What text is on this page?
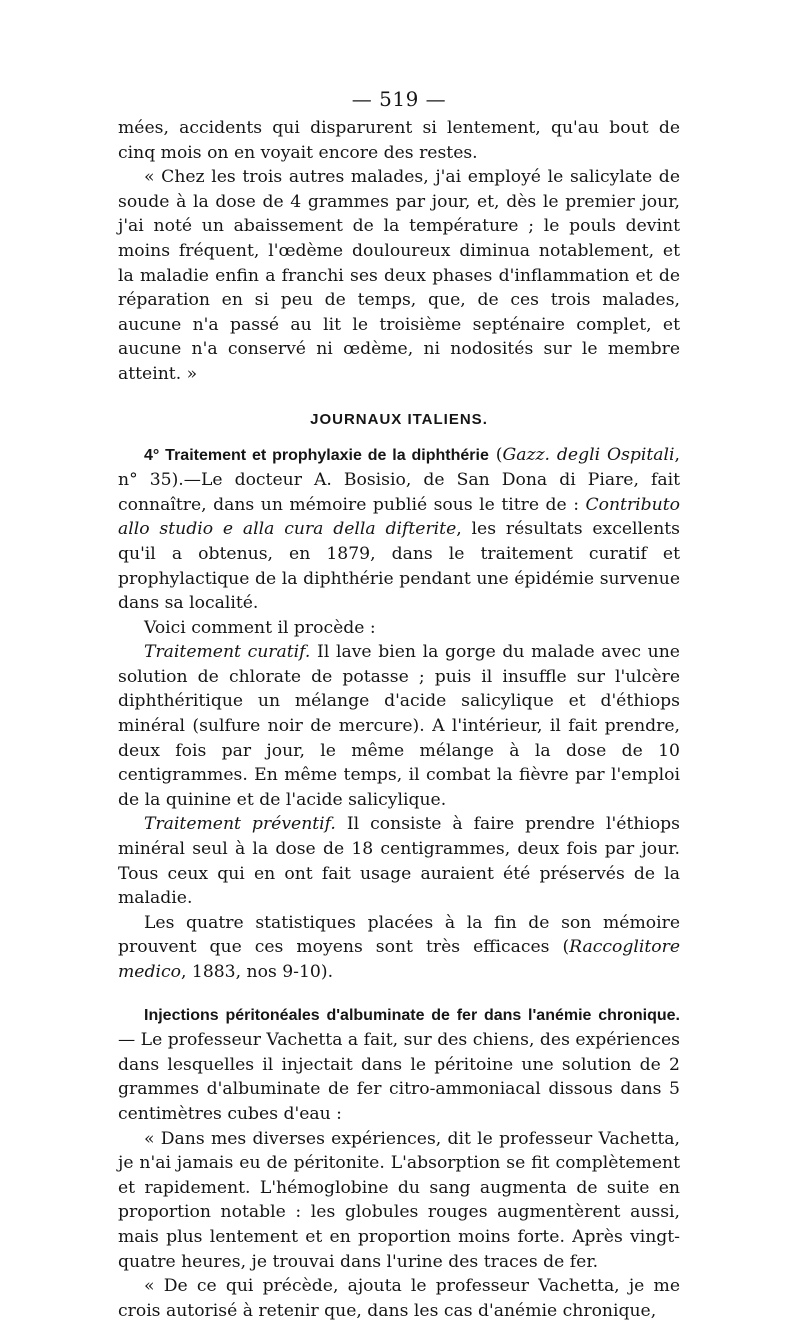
— 519 —

mées, accidents qui disparurent si lentement, qu'au bout de cinq mois on en voyait encore des restes.

« Chez les trois autres malades, j'ai employé le salicylate de soude à la dose de 4 grammes par jour, et, dès le premier jour, j'ai noté un abaissement de la température ; le pouls devint moins fréquent, l'œdème douloureux diminua notablement, et la maladie enfin a franchi ses deux phases d'inflammation et de réparation en si peu de temps, que, de ces trois malades, aucune n'a passé au lit le troisième septénaire complet, et aucune n'a conservé ni œdème, ni nodosités sur le membre atteint. »

JOURNAUX ITALIENS.

4° Traitement et prophylaxie de la diphthérie (Gazz. degli Ospitali, n° 35).—Le docteur A. Bosisio, de San Dona di Piare, fait connaître, dans un mémoire publié sous le titre de : Contributo allo studio e alla cura della difterite, les résultats excellents qu'il a obtenus, en 1879, dans le traitement curatif et prophylactique de la diphthérie pendant une épidémie survenue dans sa localité.

Voici comment il procède :

Traitement curatif. Il lave bien la gorge du malade avec une solution de chlorate de potasse ; puis il insuffle sur l'ulcère diphthéritique un mélange d'acide salicylique et d'éthiops minéral (sulfure noir de mercure). A l'intérieur, il fait prendre, deux fois par jour, le même mélange à la dose de 10 centigrammes. En même temps, il combat la fièvre par l'emploi de la quinine et de l'acide salicylique.

Traitement préventif. Il consiste à faire prendre l'éthiops minéral seul à la dose de 18 centigrammes, deux fois par jour. Tous ceux qui en ont fait usage auraient été préservés de la maladie.

Les quatre statistiques placées à la fin de son mémoire prouvent que ces moyens sont très efficaces (Raccoglitore medico, 1883, nos 9-10).

Injections péritonéales d'albuminate de fer dans l'anémie chronique. — Le professeur Vachetta a fait, sur des chiens, des expériences dans lesquelles il injectait dans le péritoine une solution de 2 grammes d'albuminate de fer citro-ammoniacal dissous dans 5 centimètres cubes d'eau :

« Dans mes diverses expériences, dit le professeur Vachetta, je n'ai jamais eu de péritonite. L'absorption se fit complètement et rapidement. L'hémoglobine du sang augmenta de suite en proportion notable : les globules rouges augmentèrent aussi, mais plus lentement et en proportion moins forte. Après vingt-quatre heures, je trouvai dans l'urine des traces de fer.

« De ce qui précède, ajouta le professeur Vachetta, je me crois autorisé à retenir que, dans les cas d'anémie chronique,
